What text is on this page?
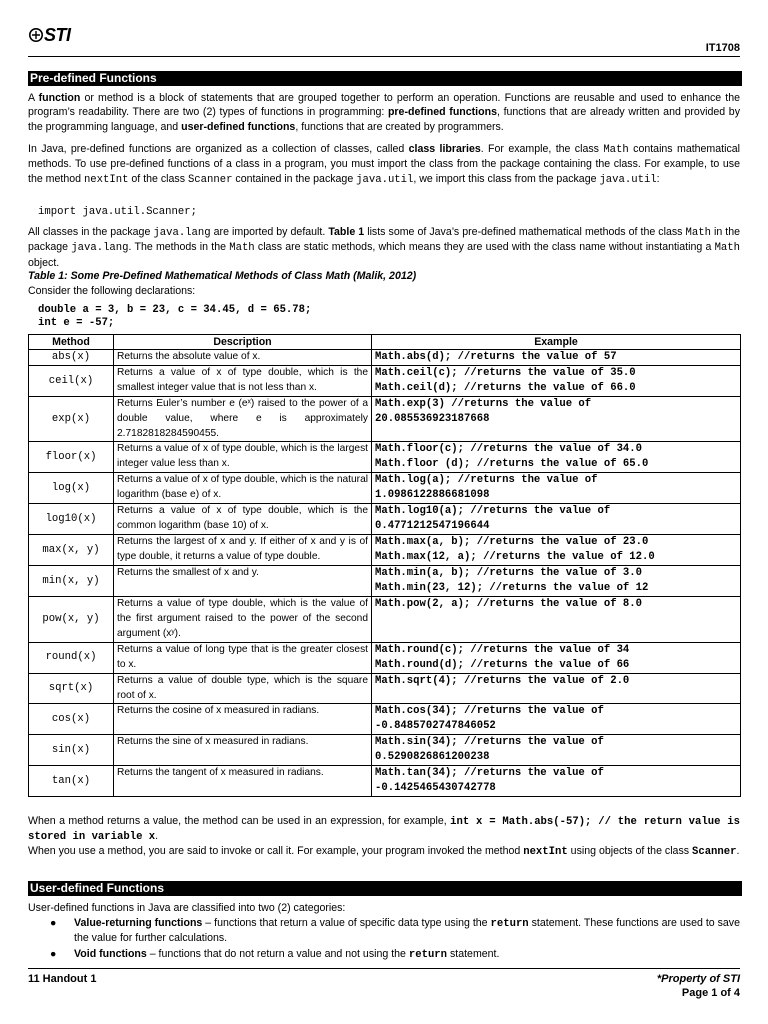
STI
IT1708
Pre-defined Functions
A function or method is a block of statements that are grouped together to perform an operation. Functions are reusable and used to enhance the program’s readability. There are two (2) types of functions in programming: pre-defined functions, functions that are already written and provided by the programming language, and user-defined functions, functions that are created by programmers.
In Java, pre-defined functions are organized as a collection of classes, called class libraries. For example, the class Math contains mathematical methods. To use pre-defined functions of a class in a program, you must import the class from the package containing the class. For example, to use the method nextInt of the class Scanner contained in the package java.util, we import this class from the package java.util:
import java.util.Scanner;
All classes in the package java.lang are imported by default. Table 1 lists some of Java’s pre-defined mathematical methods of the class Math in the package java.lang. The methods in the Math class are static methods, which means they are used with the class name without instantiating a Math object.
Table 1: Some Pre-Defined Mathematical Methods of Class Math (Malik, 2012)
Consider the following declarations:
double a = 3, b = 23, c = 34.45, d = 65.78;
int e = -57;
Method	Description	Example
abs(x)	Returns the absolute value of x.	Math.abs(d); //returns the value of 57
ceil(x)	Returns a value of x of type double, which is the smallest integer value that is not less than x.	Math.ceil(c); //returns the value of 35.0
Math.ceil(d); //returns the value of 66.0
exp(x)	Returns Euler’s number e (eˣ) raised to the power of a double value, where e is approximately 2.7182818284590455.	Math.exp(3) //returns the value of
20.085536923187668
floor(x)	Returns a value of x of type double, which is the largest integer value less than x.	Math.floor(c); //returns the value of 34.0
Math.floor (d); //returns the value of 65.0
log(x)	Returns a value of x of type double, which is the natural logarithm (base e) of x.	Math.log(a); //returns the value of
1.0986122886681098
log10(x)	Returns a value of x of type double, which is the common logarithm (base 10) of x.	Math.log10(a); //returns the value of
0.4771212547196644
max(x, y)	Returns the largest of x and y. If either of x and y is of type double, it returns a value of type double.	Math.max(a, b); //returns the value of 23.0
Math.max(12, a); //returns the value of 12.0
min(x, y)	Returns the smallest of x and y.	Math.min(a, b); //returns the value of 3.0
Math.min(23, 12); //returns the value of 12
pow(x, y)	Returns a value of type double, which is the value of the first argument raised to the power of the second argument (xʸ).	Math.pow(2, a); //returns the value of 8.0
round(x)	Returns a value of long type that is the greater closest to x.	Math.round(c); //returns the value of 34
Math.round(d); //returns the value of 66
sqrt(x)	Returns a value of double type, which is the square root of x.	Math.sqrt(4); //returns the value of 2.0
cos(x)	Returns the cosine of x measured in radians.	Math.cos(34); //returns the value of
-0.8485702747846052
sin(x)	Returns the sine of x measured in radians.	Math.sin(34); //returns the value of
0.5290826861200238
tan(x)	Returns the tangent of x measured in radians.	Math.tan(34); //returns the value of
-0.1425465430742778
When a method returns a value, the method can be used in an expression, for example, int x = Math.abs(-57); // the return value is stored in variable x.
When you use a method, you are said to invoke or call it. For example, your program invoked the method nextInt using objects of the class Scanner.
User-defined Functions
User-defined functions in Java are classified into two (2) categories:
● Value-returning functions – functions that return a value of specific data type using the return statement. These functions are used to save the value for further calculations.
● Void functions – functions that do not return a value and not using the return statement.
11 Handout 1	*Property of STI
Page 1 of 4
